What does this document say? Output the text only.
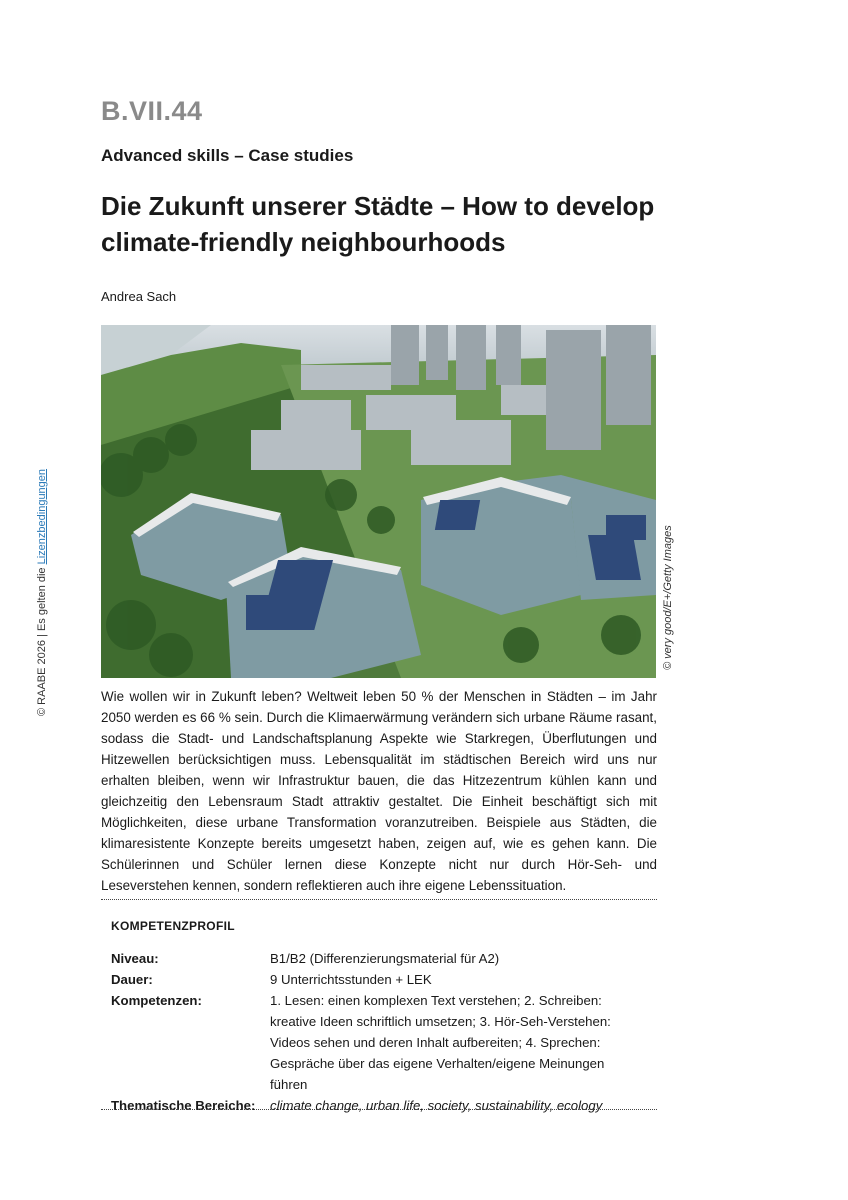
B.VII.44
Advanced skills – Case studies
Die Zukunft unserer Städte – How to develop climate-friendly neighbourhoods
Andrea Sach
© very good/E+/Getty Images
© RAABE 2026 | Es gelten die Lizenzbedingungen

Wie wollen wir in Zukunft leben? Weltweit leben 50 % der Menschen in Städten – im Jahr 2050 werden es 66 % sein. Durch die Klimaerwärmung verändern sich urbane Räume rasant, sodass die Stadt- und Landschaftsplanung Aspekte wie Starkregen, Überflutungen und Hitzewellen berücksichtigen muss. Lebensqualität im städtischen Bereich wird uns nur erhalten bleiben, wenn wir Infrastruktur bauen, die das Hitzezentrum kühlen kann und gleichzeitig den Lebensraum Stadt attraktiv gestaltet. Die Einheit beschäftigt sich mit Möglichkeiten, diese urbane Transformation voranzutreiben. Beispiele aus Städten, die klimaresistente Konzepte bereits umgesetzt haben, zeigen auf, wie es gehen kann. Die Schülerinnen und Schüler lernen diese Konzepte nicht nur durch Hör-Seh- und Leseverstehen kennen, sondern reflektieren auch ihre eigene Lebenssituation.

KOMPETENZPROFIL
Niveau:	B1/B2 (Differenzierungsmaterial für A2)
Dauer:	9 Unterrichtsstunden + LEK
Kompetenzen:	1. Lesen: einen komplexen Text verstehen; 2. Schreiben: kreative Ideen schriftlich umsetzen; 3. Hör-Seh-Verstehen: Videos sehen und deren Inhalt aufbereiten; 4. Sprechen: Gespräche über das eigene Verhalten/eigene Meinungen führen
Thematische Bereiche:	climate change, urban life, society, sustainability, ecology
